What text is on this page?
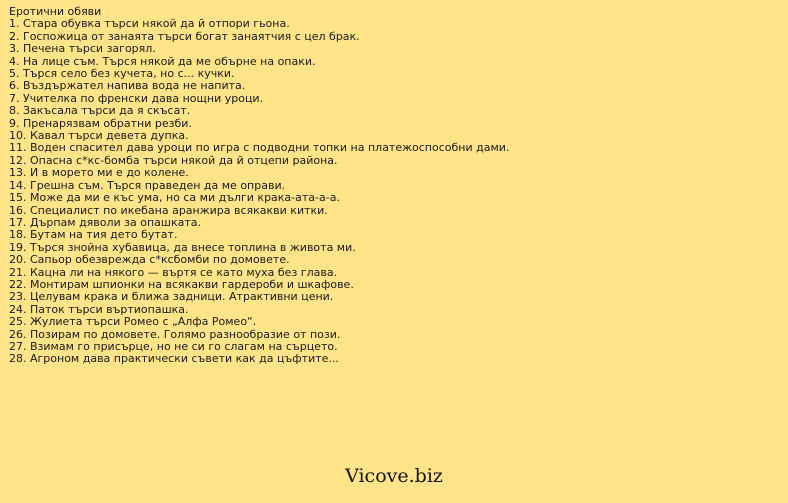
Еротични обяви
1. Стара обувка търси някой да й отпори гьона.
2. Госпожица от занаята търси богат занаятчия с цел брак.
3. Печена търси загорял.
4. На лице съм. Търся някой да ме обърне на опаки.
5. Търся село без кучета, но с... кучки.
6. Въздържател напива вода не напита.
7. Учителка по френски дава нощни уроци.
8. Закъсала търси да я скъсат.
9. Пренарязвам обратни резби.
10. Кавал търси девета дупка.
11. Воден спасител дава уроци по игра с подводни топки на платежоспособни дами.
12. Опасна с*кс-бомба търси някой да й отцепи района.
13. И в морето ми е до колене.
14. Грешна съм. Търся праведен да ме оправи.
15. Може да ми е къс ума, но са ми дълги крака-ата-а-а.
16. Специалист по икебана аранжира всякакви китки.
17. Дърпам дяволи за опашката.
18. Бутам на тия дето бутат.
19. Търся знойна хубавица, да внесе топлина в живота ми.
20. Сапьор обезврежда с*ксбомби по домовете.
21. Кацна ли на някого — въртя се като муха без глава.
22. Монтирам шпионки на всякакви гардероби и шкафове.
23. Целувам крака и ближа задници. Атрактивни цени.
24. Паток търси въртиопашка.
25. Жулиета търси Ромео с „Алфа Ромео“.
26. Позирам по домовете. Голямо разнообразие от пози.
27. Взимам го присърце, но не си го слагам на сърцето.
28. Агроном дава практически съвети как да цъфтите...
Vicove.biz
